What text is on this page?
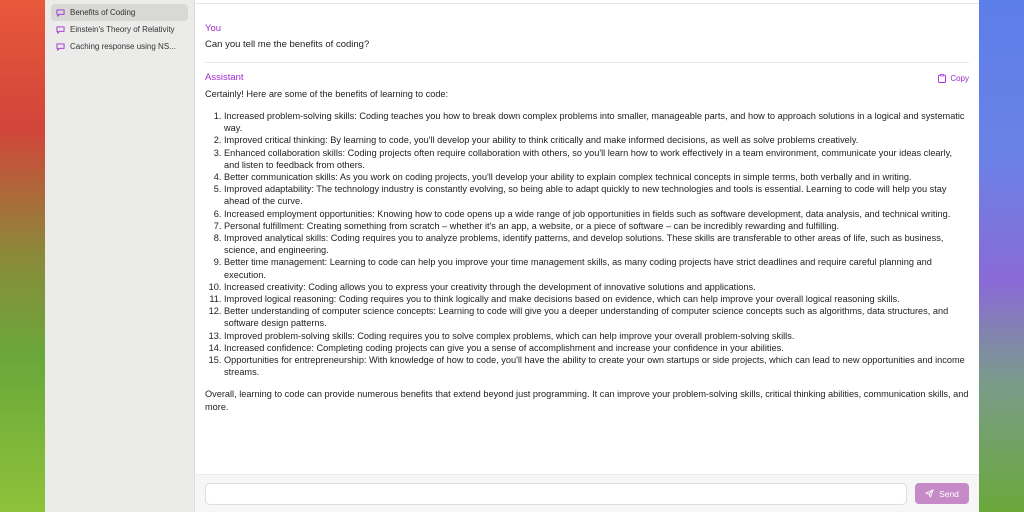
Benefits of Coding
Einstein's Theory of Relativity
Caching response using NS...
You
Can you tell me the benefits of coding?
Assistant	Copy
Certainly! Here are some of the benefits of learning to code:
1. Increased problem-solving skills: Coding teaches you how to break down complex problems into smaller, manageable parts, and how to approach solutions in a logical and systematic way.
2. Improved critical thinking: By learning to code, you'll develop your ability to think critically and make informed decisions, as well as solve problems creatively.
3. Enhanced collaboration skills: Coding projects often require collaboration with others, so you'll learn how to work effectively in a team environment, communicate your ideas clearly, and listen to feedback from others.
4. Better communication skills: As you work on coding projects, you'll develop your ability to explain complex technical concepts in simple terms, both verbally and in writing.
5. Improved adaptability: The technology industry is constantly evolving, so being able to adapt quickly to new technologies and tools is essential. Learning to code will help you stay ahead of the curve.
6. Increased employment opportunities: Knowing how to code opens up a wide range of job opportunities in fields such as software development, data analysis, and technical writing.
7. Personal fulfillment: Creating something from scratch – whether it's an app, a website, or a piece of software – can be incredibly rewarding and fulfilling.
8. Improved analytical skills: Coding requires you to analyze problems, identify patterns, and develop solutions. These skills are transferable to other areas of life, such as business, science, and engineering.
9. Better time management: Learning to code can help you improve your time management skills, as many coding projects have strict deadlines and require careful planning and execution.
10. Increased creativity: Coding allows you to express your creativity through the development of innovative solutions and applications.
11. Improved logical reasoning: Coding requires you to think logically and make decisions based on evidence, which can help improve your overall logical reasoning skills.
12. Better understanding of computer science concepts: Learning to code will give you a deeper understanding of computer science concepts such as algorithms, data structures, and software design patterns.
13. Improved problem-solving skills: Coding requires you to solve complex problems, which can help improve your overall problem-solving skills.
14. Increased confidence: Completing coding projects can give you a sense of accomplishment and increase your confidence in your abilities.
15. Opportunities for entrepreneurship: With knowledge of how to code, you'll have the ability to create your own startups or side projects, which can lead to new opportunities and income streams.
Overall, learning to code can provide numerous benefits that extend beyond just programming. It can improve your problem-solving skills, critical thinking abilities, communication skills, and more.
Send
